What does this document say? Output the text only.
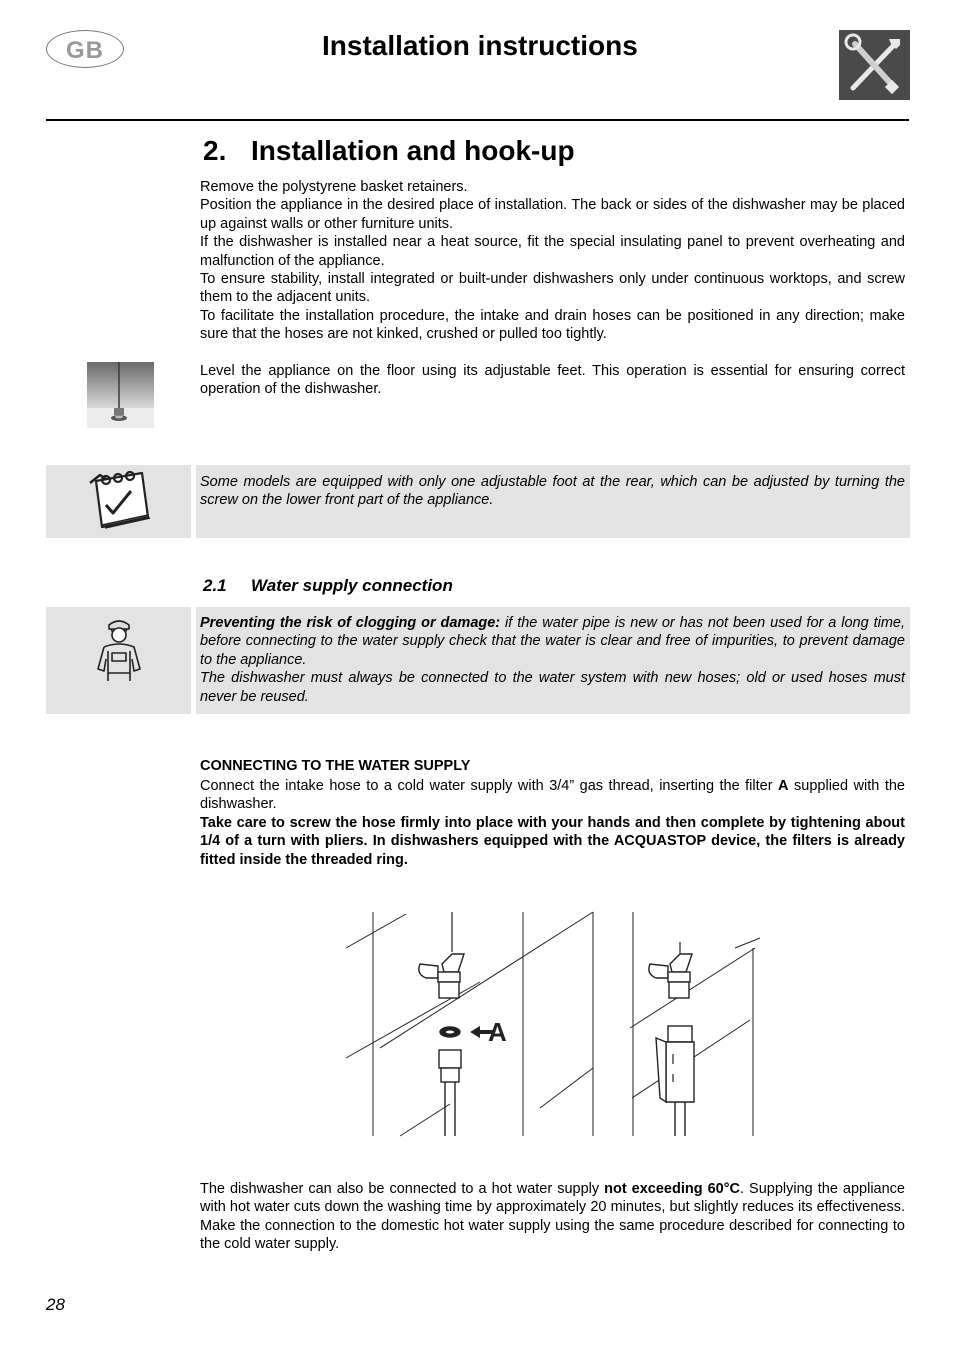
GB	Installation instructions
2. Installation and hook-up

Remove the polystyrene basket retainers.

Position the appliance in the desired place of installation. The back or sides of the dishwasher may be placed up against walls or other furniture units.

If the dishwasher is installed near a heat source, fit the special insulating panel to prevent overheating and malfunction of the appliance.

To ensure stability, install integrated or built-under dishwashers only under continuous worktops, and screw them to the adjacent units.

To facilitate the installation procedure, the intake and drain hoses can be positioned in any direction; make sure that the hoses are not kinked, crushed or pulled too tightly.

Level the appliance on the floor using its adjustable feet. This operation is essential for ensuring correct operation of the dishwasher.
Some models are equipped with only one adjustable foot at the rear, which can be adjusted by turning the screw on the lower front part of the appliance.
2.1 Water supply connection

Preventing the risk of clogging or damage: if the water pipe is new or has not been used for a long time, before connecting to the water supply check that the water is clear and free of impurities, to prevent damage to the appliance.

The dishwasher must always be connected to the water system with new hoses; old or used hoses must never be reused.

CONNECTING TO THE WATER SUPPLY

Connect the intake hose to a cold water supply with 3/4” gas thread, inserting the filter A supplied with the dishwasher.

Take care to screw the hose firmly into place with your hands and then complete by tightening about 1/4 of a turn with pliers. In dishwashers equipped with the ACQUASTOP device, the filters is already fitted inside the threaded ring.

A
The dishwasher can also be connected to a hot water supply not exceeding 60°C. Supplying the appliance with hot water cuts down the washing time by approximately 20 minutes, but slightly reduces its effectiveness. Make the connection to the domestic hot water supply using the same procedure described for connecting to the cold water supply.
28
